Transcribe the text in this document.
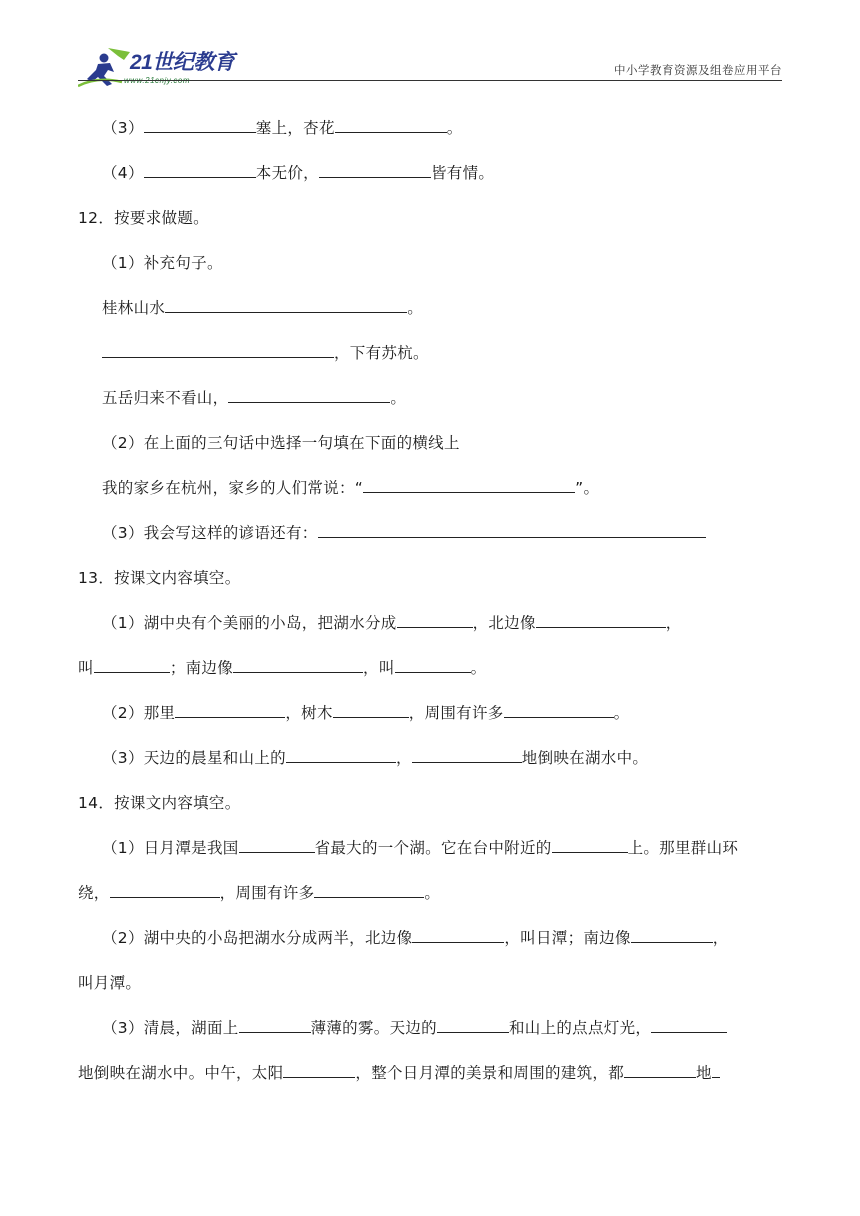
21世纪教育
www.21cnjy.com
中小学教育资源及组卷应用平台
（3）	塞上，杏花	。
（4）	本无价，	皆有情。
12．按要求做题。
（1）补充句子。
桂林山水	。
，下有苏杭。
五岳归来不看山，	。
（2）在上面的三句话中选择一句填在下面的横线上
我的家乡在杭州，家乡的人们常说：“	”。
（3）我会写这样的谚语还有：
13．按课文内容填空。
（1）湖中央有个美丽的小岛，把湖水分成	，北边像	，
叫	；南边像	，叫	。
（2）那里	，树木	，周围有许多	。
（3）天边的晨星和山上的	，	地倒映在湖水中。
14．按课文内容填空。
（1）日月潭是我国	省最大的一个湖。它在台中附近的	上。那里群山环
绕，	，周围有许多	。
（2）湖中央的小岛把湖水分成两半，北边像	，叫日潭；南边像	，
叫月潭。
（3）清晨，湖面上	薄薄的雾。天边的	和山上的点点灯光，
地倒映在湖水中。中午，太阳	，整个日月潭的美景和周围的建筑，都	地
